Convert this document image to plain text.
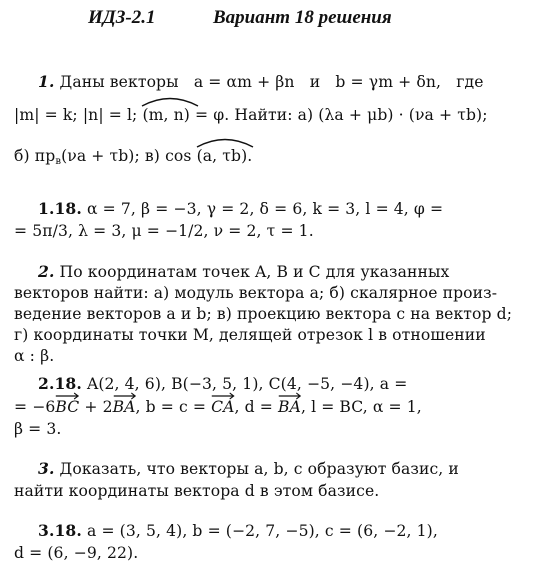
ИДЗ-2.1	Вариант 18 решения
1. Даны векторы a = αm + βn и b = γm + δn, где
|m| = k; |n| = l; (m, n) = φ. Найти: а) (λa + μb) · (νa + τb);
б) $пр_в(\nu a + \tau b)$; в) cos (a, τb).
1.18. α = 7, β = −3, γ = 2, δ = 6, k = 3, l = 4, φ =
= 5π/3, λ = 3, μ = −1/2, ν = 2, τ = 1.
2. По координатам точек A, B и C для указанных
векторов найти: а) модуль вектора a; б) скалярное произ-
ведение векторов a и b; в) проекцию вектора c на вектор d;
г) координаты точки M, делящей отрезок l в отношении
α : β.
2.18. A(2, 4, 6), B(−3, 5, 1), C(4, −5, −4), a =
= −6
BC + 2
BA, b = c = CA, d = BA, l = BC, α = 1,
β = 3.
3. Доказать, что векторы a, b, c образуют базис, и
найти координаты вектора d в этом базисе.
3.18. a = (3, 5, 4), b = (−2, 7, −5), c = (6, −2, 1),
d = (6, −9, 22).
